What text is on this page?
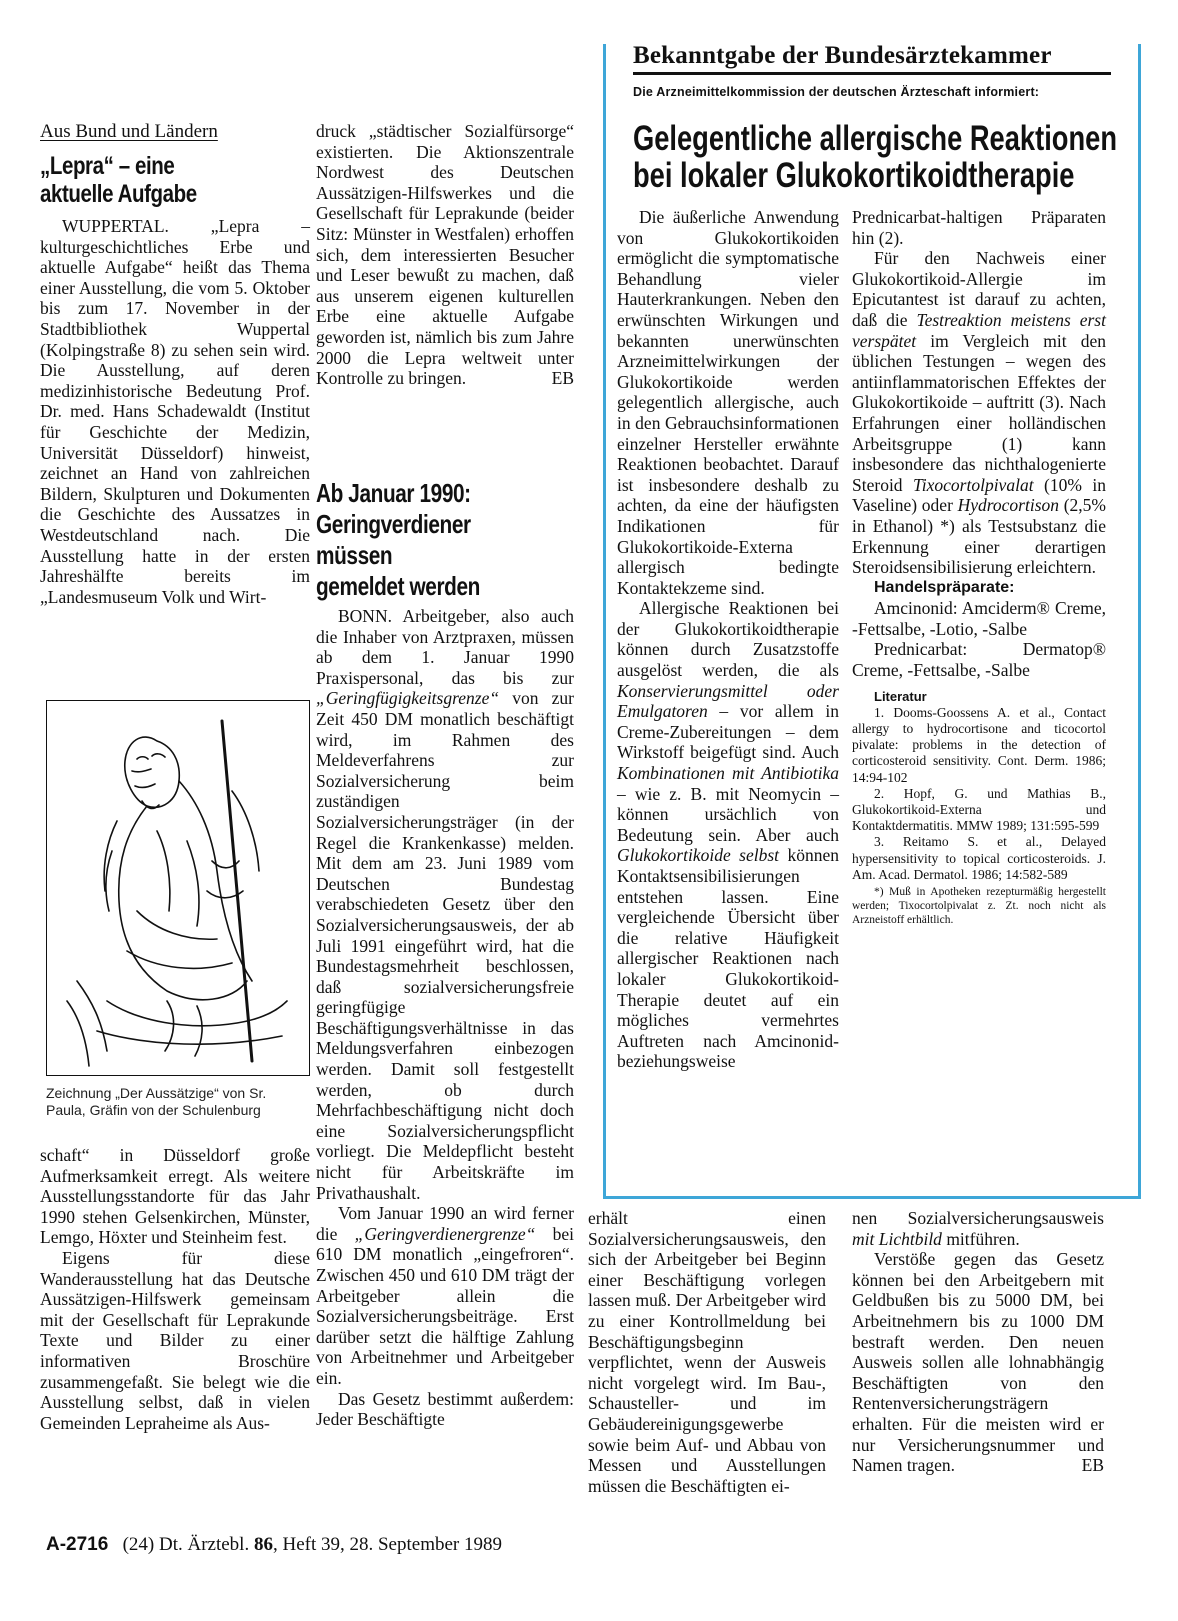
Aus Bund und Ländern
„Lepra“ – eine
aktuelle Aufgabe

WUPPERTAL. „Lepra – kulturgeschichtliches Erbe und aktuelle Aufgabe“ heißt das Thema einer Ausstellung, die vom 5. Oktober bis zum 17. November in der Stadtbibliothek Wuppertal (Kolpingstraße 8) zu sehen sein wird. Die Ausstellung, auf deren medizinhistorische Bedeutung Prof. Dr. med. Hans Schadewaldt (Institut für Geschichte der Medizin, Universität Düsseldorf) hinweist, zeichnet an Hand von zahlreichen Bildern, Skulpturen und Dokumenten die Geschichte des Aussatzes in Westdeutschland nach. Die Ausstellung hatte in der ersten Jahreshälfte bereits im „Landesmuseum Volk und Wirt-

Zeichnung „Der Aussätzige“ von Sr. Paula, Gräfin von der Schulenburg

schaft“ in Düsseldorf große Aufmerksamkeit erregt. Als weitere Ausstellungsstandorte für das Jahr 1990 stehen Gelsenkirchen, Münster, Lemgo, Höxter und Steinheim fest.

Eigens für diese Wanderausstellung hat das Deutsche Aussätzigen-Hilfswerk gemeinsam mit der Gesellschaft für Leprakunde Texte und Bilder zu einer informativen Broschüre zusammengefaßt. Sie belegt wie die Ausstellung selbst, daß in vielen Gemeinden Lepraheime als Aus-

druck „städtischer Sozialfürsorge“ existierten. Die Aktionszentrale Nordwest des Deutschen Aussätzigen-Hilfswerkes und die Gesellschaft für Leprakunde (beider Sitz: Münster in Westfalen) erhoffen sich, dem interessierten Besucher und Leser bewußt zu machen, daß aus unserem eigenen kulturellen Erbe eine aktuelle Aufgabe geworden ist, nämlich bis zum Jahre 2000 die Lepra weltweit unter Kontrolle zu bringen.	EB

Ab Januar 1990:
Geringverdiener
müssen
gemeldet werden

BONN. Arbeitgeber, also auch die Inhaber von Arztpraxen, müssen ab dem 1. Januar 1990 Praxispersonal, das bis zur „Geringfügigkeitsgrenze“ von zur Zeit 450 DM monatlich beschäftigt wird, im Rahmen des Meldeverfahrens zur Sozialversicherung beim zuständigen Sozialversicherungsträger (in der Regel die Krankenkasse) melden. Mit dem am 23. Juni 1989 vom Deutschen Bundestag verabschiedeten Gesetz über den Sozialversicherungsausweis, der ab Juli 1991 eingeführt wird, hat die Bundestagsmehrheit beschlossen, daß sozialversicherungsfreie geringfügige Beschäftigungsverhältnisse in das Meldungsverfahren einbezogen werden. Damit soll festgestellt werden, ob durch Mehrfachbeschäftigung nicht doch eine Sozialversicherungspflicht vorliegt. Die Meldepflicht besteht nicht für Arbeitskräfte im Privathaushalt.

Vom Januar 1990 an wird ferner die „Geringverdienergrenze“ bei 610 DM monatlich „eingefroren“. Zwischen 450 und 610 DM trägt der Arbeitgeber allein die Sozialversicherungsbeiträge. Erst darüber setzt die hälftige Zahlung von Arbeitnehmer und Arbeitgeber ein.

Das Gesetz bestimmt außerdem: Jeder Beschäftigte

erhält einen Sozialversicherungsausweis, den sich der Arbeitgeber bei Beginn einer Beschäftigung vorlegen lassen muß. Der Arbeitgeber wird zu einer Kontrollmeldung bei Beschäftigungsbeginn verpflichtet, wenn der Ausweis nicht vorgelegt wird. Im Bau-, Schausteller- und im Gebäudereinigungsgewerbe sowie beim Auf- und Abbau von Messen und Ausstellungen müssen die Beschäftigten ei-

nen Sozialversicherungsausweis mit Lichtbild mitführen.

Verstöße gegen das Gesetz können bei den Arbeitgebern mit Geldbußen bis zu 5000 DM, bei Arbeitnehmern bis zu 1000 DM bestraft werden. Den neuen Ausweis sollen alle lohnabhängig Beschäftigten von den Rentenversicherungsträgern erhalten. Für die meisten wird er nur Versicherungsnummer und Namen tragen.	EB

Bekanntgabe der Bundesärztekammer
Die Arzneimittelkommission der deutschen Ärzteschaft informiert:
Gelegentliche allergische Reaktionen
bei lokaler Glukokortikoidtherapie

Die äußerliche Anwendung von Glukokortikoiden ermöglicht die symptomatische Behandlung vieler Hauterkrankungen. Neben den erwünschten Wirkungen und bekannten unerwünschten Arzneimittelwirkungen der Glukokortikoide werden gelegentlich allergische, auch in den Gebrauchsinformationen einzelner Hersteller erwähnte Reaktionen beobachtet. Darauf ist insbesondere deshalb zu achten, da eine der häufigsten Indikationen für Glukokortikoide-Externa allergisch bedingte Kontaktekzeme sind.

Allergische Reaktionen bei der Glukokortikoidtherapie können durch Zusatzstoffe ausgelöst werden, die als Konservierungsmittel oder Emulgatoren – vor allem in Creme-Zubereitungen – dem Wirkstoff beigefügt sind. Auch Kombinationen mit Antibiotika – wie z. B. mit Neomycin – können ursächlich von Bedeutung sein. Aber auch Glukokortikoide selbst können Kontaktsensibilisierungen entstehen lassen. Eine vergleichende Übersicht über die relative Häufigkeit allergischer Reaktionen nach lokaler Glukokortikoid-Therapie deutet auf ein mögliches vermehrtes Auftreten nach Amcinonid- beziehungsweise

Prednicarbat-haltigen Präparaten hin (2).

Für den Nachweis einer Glukokortikoid-Allergie im Epicutantest ist darauf zu achten, daß die Testreaktion meistens erst verspätet im Vergleich mit den üblichen Testungen – wegen des antiinflammatorischen Effektes der Glukokortikoide – auftritt (3). Nach Erfahrungen einer holländischen Arbeitsgruppe (1) kann insbesondere das nichthalogenierte Steroid Tixocortolpivalat (10% in Vaseline) oder Hydrocortison (2,5% in Ethanol) *) als Testsubstanz die Erkennung einer derartigen Steroidsensibilisierung erleichtern.

Handelspräparate:

Amcinonid: Amciderm® Creme, -Fettsalbe, -Lotio, -Salbe

Prednicarbat: Dermatop® Creme, -Fettsalbe, -Salbe

Literatur
1. Dooms-Goossens A. et al., Contact allergy to hydrocortisone and ticocortol pivalate: problems in the detection of corticosteroid sensitivity. Cont. Derm. 1986; 14:94-102
2. Hopf, G. und Mathias B., Glukokortikoid-Externa und Kontaktdermatitis. MMW 1989; 131:595-599
3. Reitamo S. et al., Delayed hypersensitivity to topical corticosteroids. J. Am. Acad. Dermatol. 1986; 14:582-589
*) Muß in Apotheken rezepturmäßig hergestellt werden; Tixocortolpivalat z. Zt. noch nicht als Arzneistoff erhältlich.
A-2716 (24) Dt. Ärztebl. 86, Heft 39, 28. September 1989
